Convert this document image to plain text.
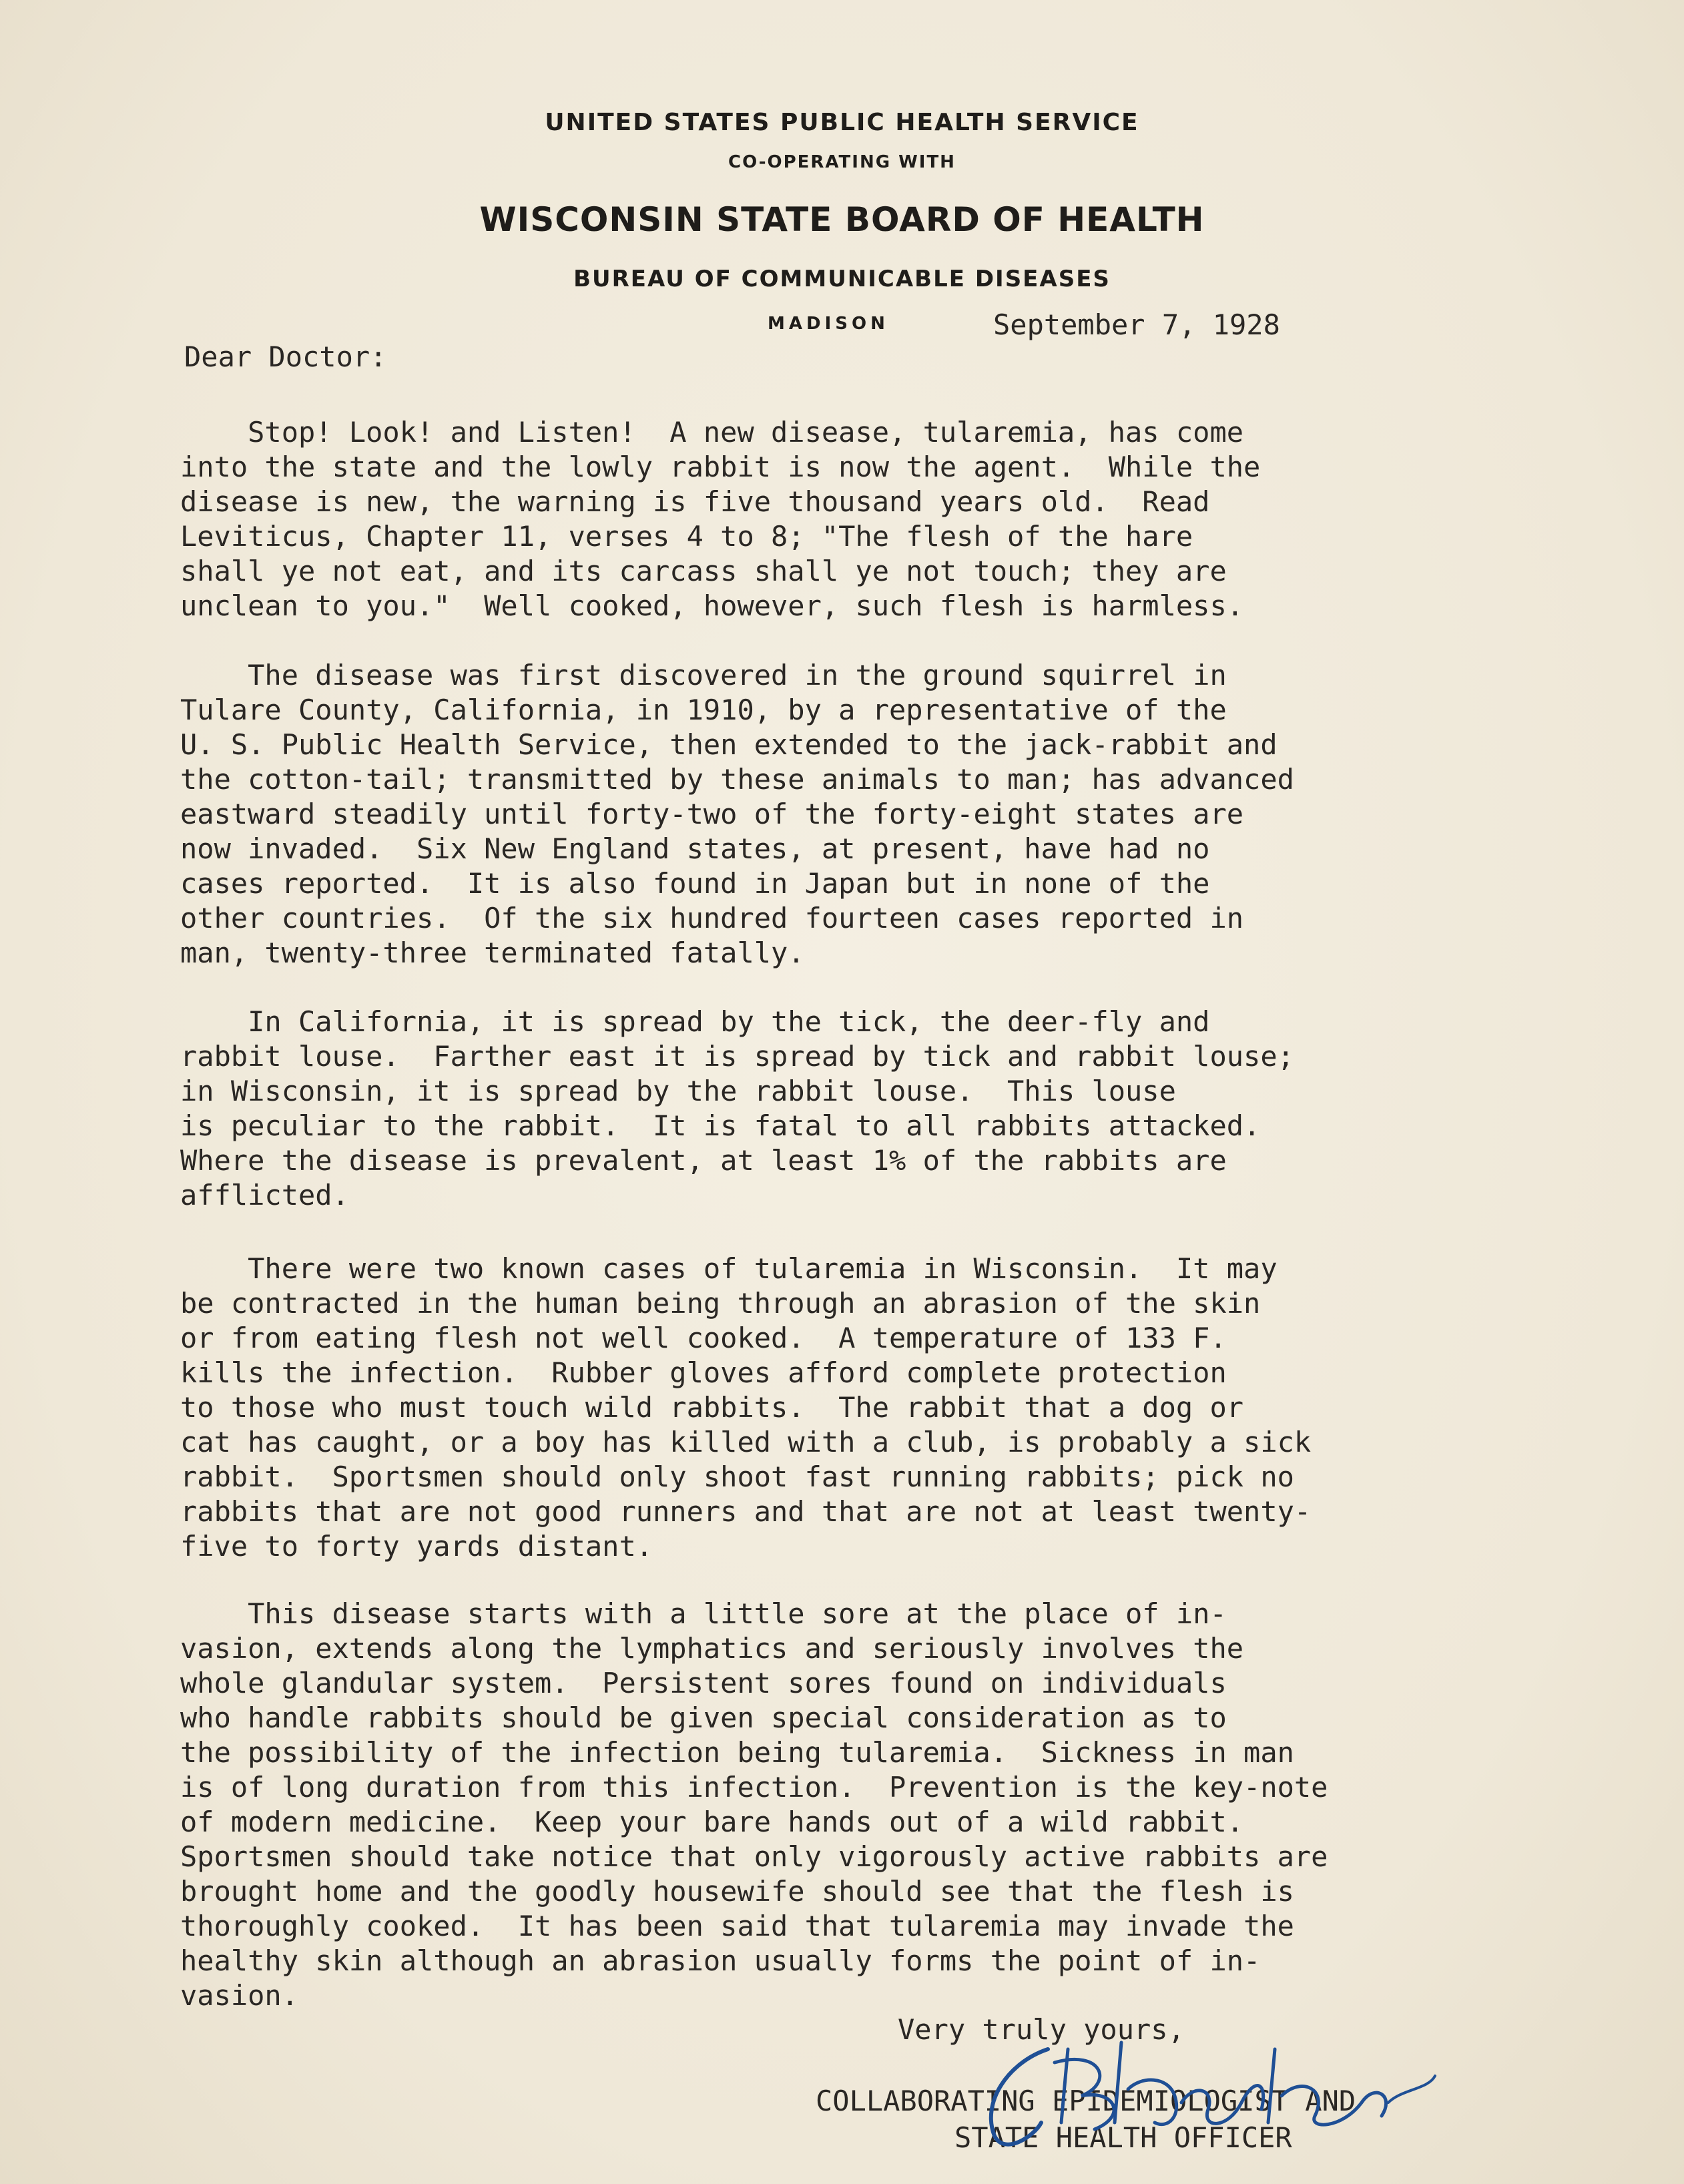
UNITED STATES PUBLIC HEALTH SERVICE
CO-OPERATING WITH
WISCONSIN STATE BOARD OF HEALTH
BUREAU OF COMMUNICABLE DISEASES
MADISON	September 7, 1928
Dear Doctor:
Stop! Look! and Listen!  A new disease, tularemia, has come
into the state and the lowly rabbit is now the agent.  While the
disease is new, the warning is five thousand years old.  Read
Leviticus, Chapter 11, verses 4 to 8; "The flesh of the hare
shall ye not eat, and its carcass shall ye not touch; they are
unclean to you."  Well cooked, however, such flesh is harmless.
The disease was first discovered in the ground squirrel in
Tulare County, California, in 1910, by a representative of the
U. S. Public Health Service, then extended to the jack-rabbit and
the cotton-tail; transmitted by these animals to man; has advanced
eastward steadily until forty-two of the forty-eight states are
now invaded.  Six New England states, at present, have had no
cases reported.  It is also found in Japan but in none of the
other countries.  Of the six hundred fourteen cases reported in
man, twenty-three terminated fatally.
In California, it is spread by the tick, the deer-fly and
rabbit louse.  Farther east it is spread by tick and rabbit louse;
in Wisconsin, it is spread by the rabbit louse.  This louse
is peculiar to the rabbit.  It is fatal to all rabbits attacked.
Where the disease is prevalent, at least 1% of the rabbits are
afflicted.
There were two known cases of tularemia in Wisconsin.  It may
be contracted in the human being through an abrasion of the skin
or from eating flesh not well cooked.  A temperature of 133 F.
kills the infection.  Rubber gloves afford complete protection
to those who must touch wild rabbits.  The rabbit that a dog or
cat has caught, or a boy has killed with a club, is probably a sick
rabbit.  Sportsmen should only shoot fast running rabbits; pick no
rabbits that are not good runners and that are not at least twenty-
five to forty yards distant.
This disease starts with a little sore at the place of in-
vasion, extends along the lymphatics and seriously involves the
whole glandular system.  Persistent sores found on individuals
who handle rabbits should be given special consideration as to
the possibility of the infection being tularemia.  Sickness in man
is of long duration from this infection.  Prevention is the key-note
of modern medicine.  Keep your bare hands out of a wild rabbit.
Sportsmen should take notice that only vigorously active rabbits are
brought home and the goodly housewife should see that the flesh is
thoroughly cooked.  It has been said that tularemia may invade the
healthy skin although an abrasion usually forms the point of in-
vasion.
Very truly yours,
COLLABORATING EPIDEMIOLOGIST AND
STATE HEALTH OFFICER
